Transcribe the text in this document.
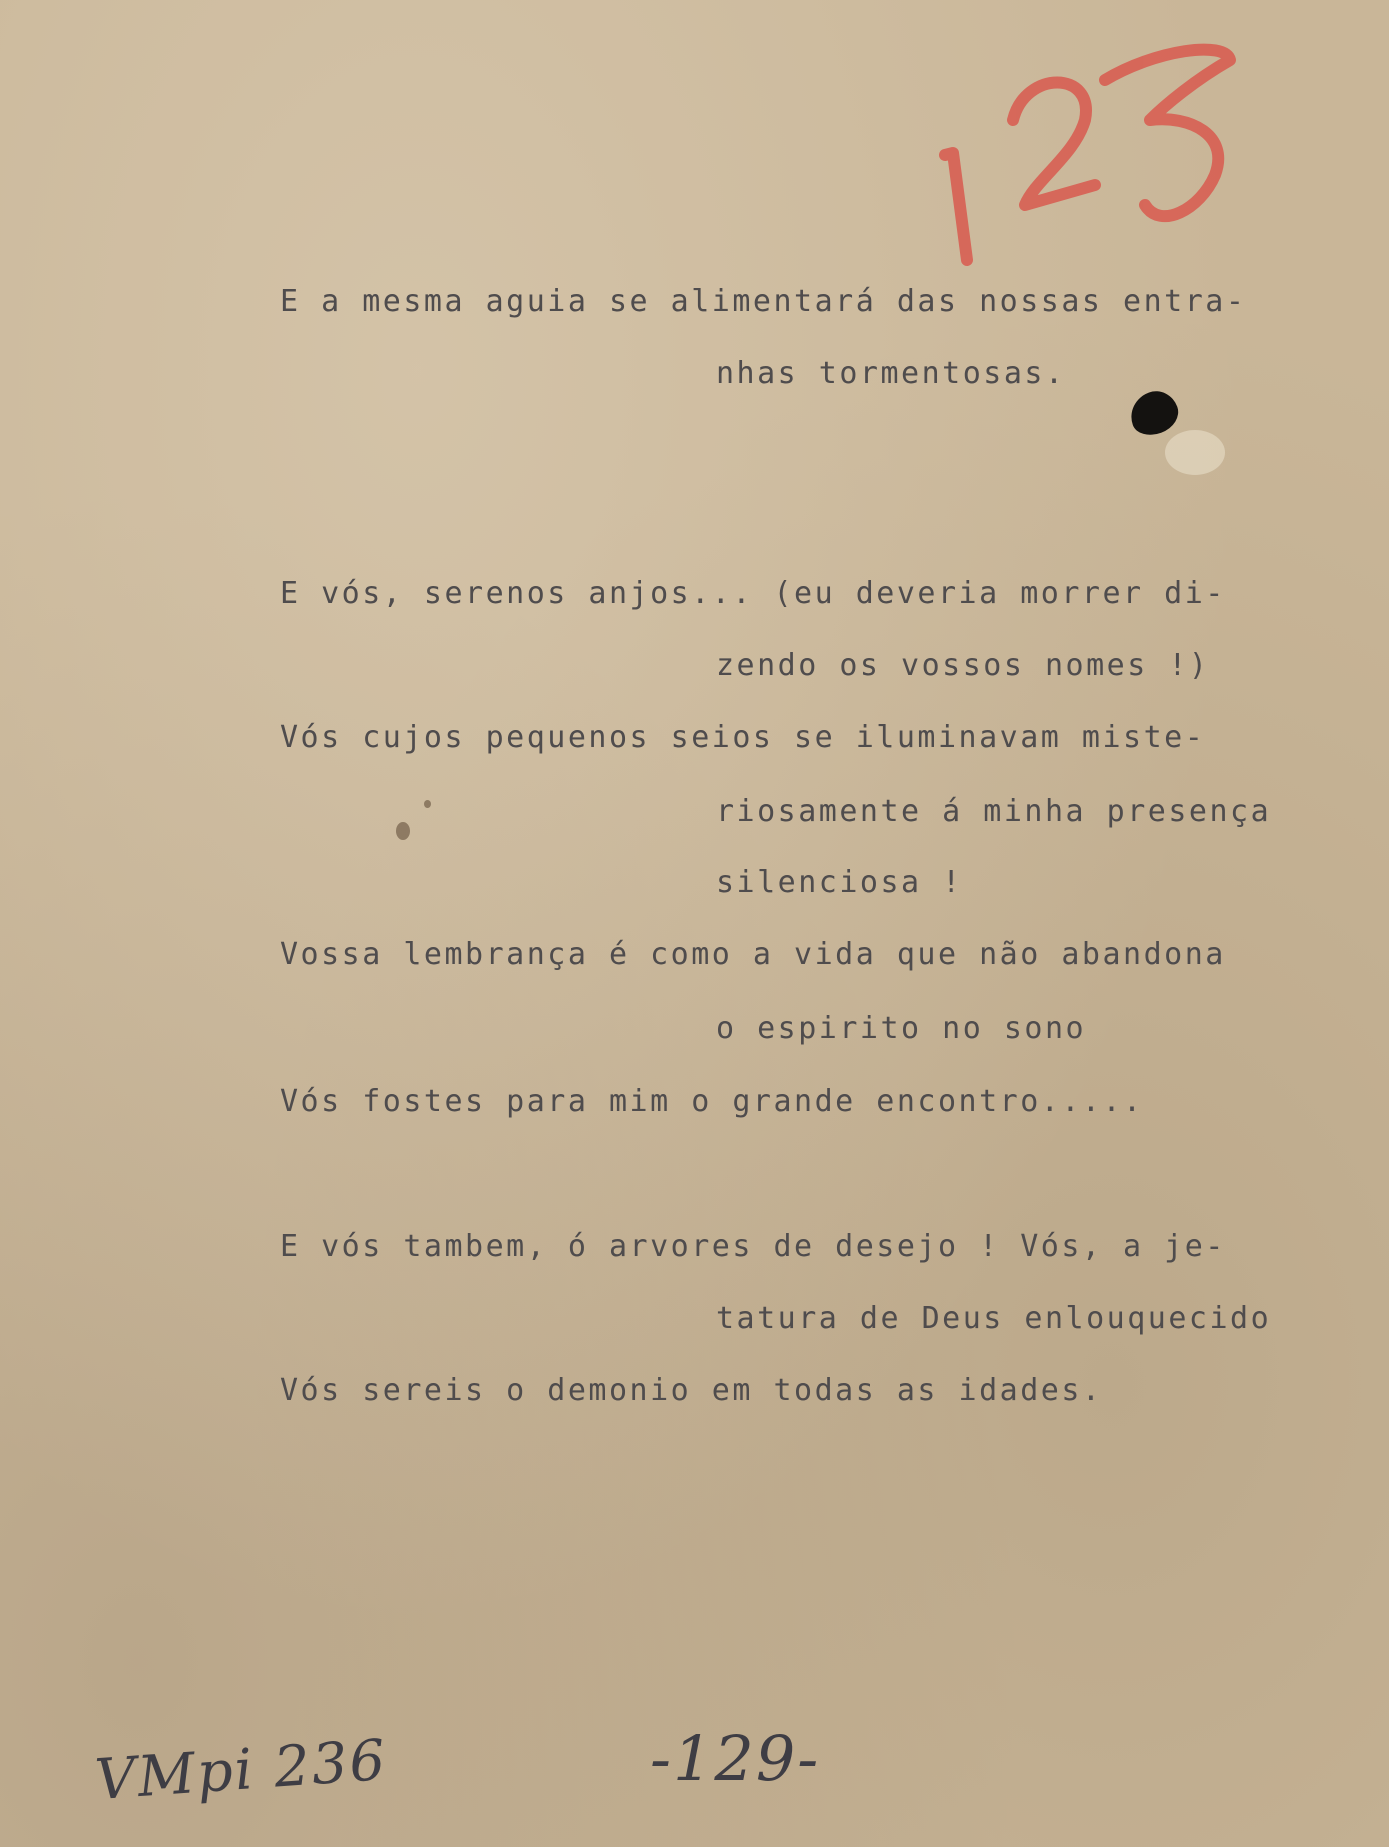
E a mesma aguia se alimentará das nossas entra-
nhas tormentosas.
E vós, serenos anjos... (eu deveria morrer di-
zendo os vossos nomes !)
Vós cujos pequenos seios se iluminavam miste-
riosamente á minha presença
silenciosa !
Vossa lembrança é como a vida que não abandona
o espirito no sono
Vós fostes para mim o grande encontro.....
E vós tambem, ó arvores de desejo ! Vós, a je-
tatura de Deus enlouquecido
Vós sereis o demonio em todas as idades.
VMpi 236	-129-
